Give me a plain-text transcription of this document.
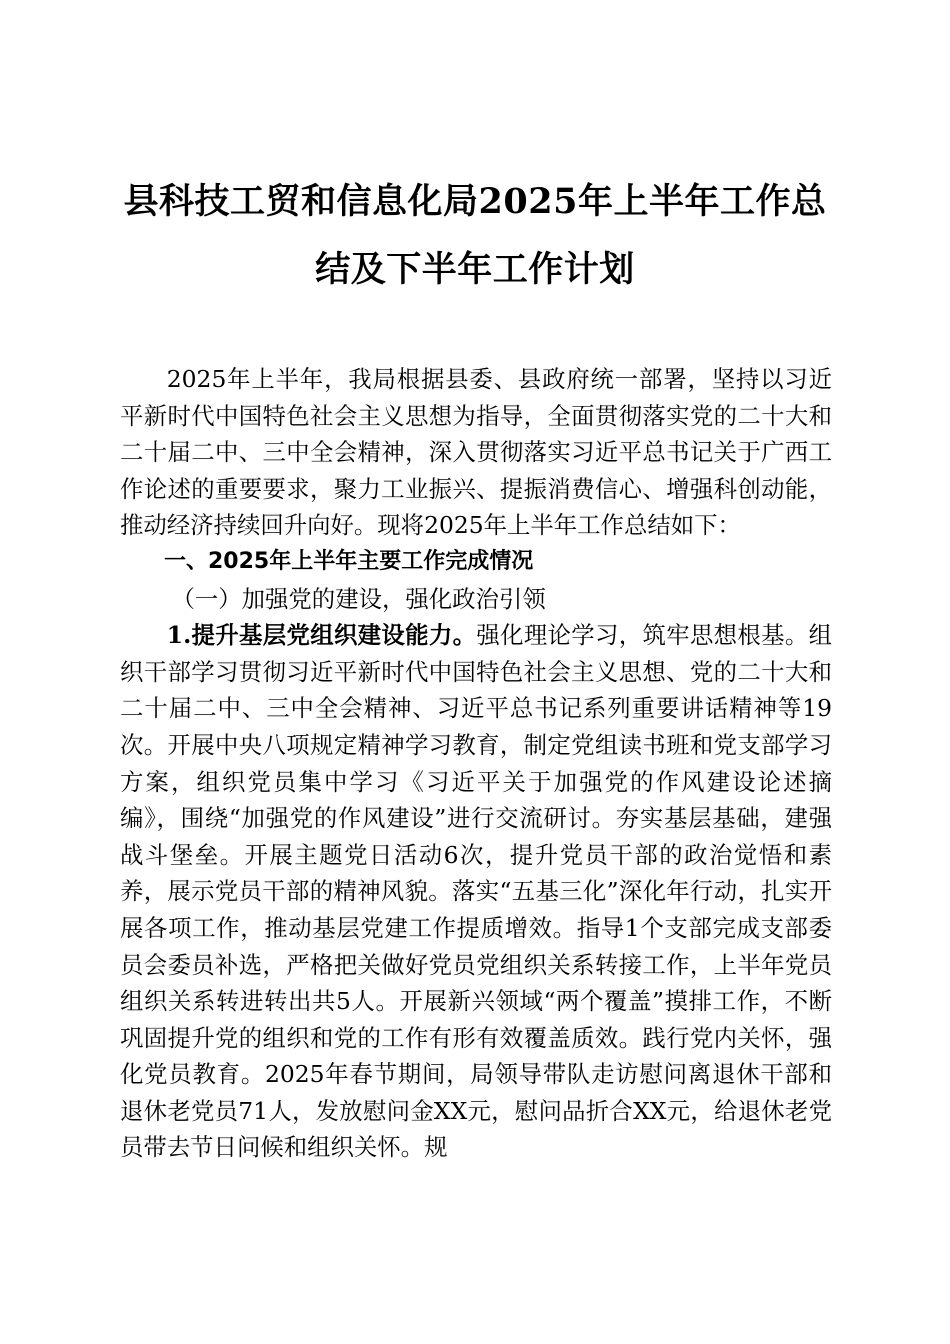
县科技工贸和信息化局2025年上半年工作总
结及下半年工作计划

2025年上半年，我局根据县委、县政府统一部署，坚持以习近平新时代中国特色社会主义思想为指导，全面贯彻落实党的二十大和二十届二中、三中全会精神，深入贯彻落实习近平总书记关于广西工作论述的重要要求，聚力工业振兴、提振消费信心、增强科创动能，推动经济持续回升向好。现将2025年上半年工作总结如下：

一、2025年上半年主要工作完成情况

（一）加强党的建设，强化政治引领

1.提升基层党组织建设能力。强化理论学习，筑牢思想根基。组织干部学习贯彻习近平新时代中国特色社会主义思想、党的二十大和二十届二中、三中全会精神、习近平总书记系列重要讲话精神等19次。开展中央八项规定精神学习教育，制定党组读书班和党支部学习方案，组织党员集中学习《习近平关于加强党的作风建设论述摘编》，围绕“加强党的作风建设”进行交流研讨。夯实基层基础，建强战斗堡垒。开展主题党日活动6次，提升党员干部的政治觉悟和素养，展示党员干部的精神风貌。落实“五基三化”深化年行动，扎实开展各项工作，推动基层党建工作提质增效。指导1个支部完成支部委员会委员补选，严格把关做好党员党组织关系转接工作，上半年党员组织关系转进转出共5人。开展新兴领域“两个覆盖”摸排工作，不断巩固提升党的组织和党的工作有形有效覆盖质效。践行党内关怀，强化党员教育。2025年春节期间，局领导带队走访慰问离退休干部和退休老党员71人，发放慰问金XX元，慰问品折合XX元，给退休老党员带去节日问候和组织关怀。规
